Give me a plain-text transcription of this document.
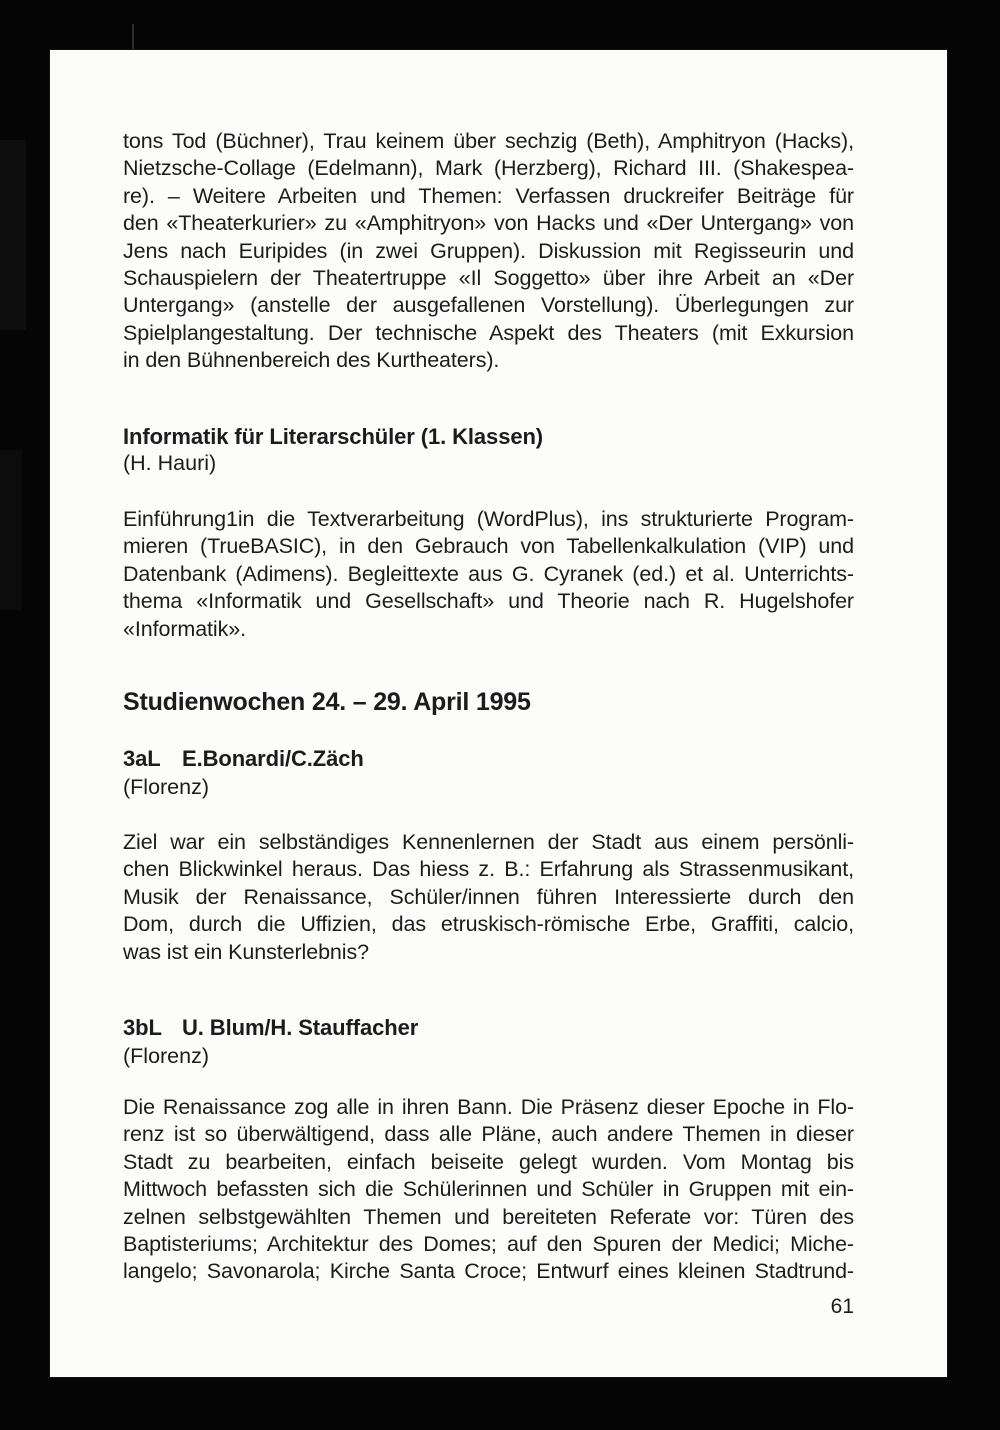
tons Tod (Büchner), Trau keinem über sechzig (Beth), Amphitryon (Hacks),
Nietzsche-Collage (Edelmann), Mark (Herzberg), Richard III. (Shakespea-
re). – Weitere Arbeiten und Themen: Verfassen druckreifer Beiträge für
den «Theaterkurier» zu «Amphitryon» von Hacks und «Der Untergang» von
Jens nach Euripides (in zwei Gruppen). Diskussion mit Regisseurin und
Schauspielern der Theatertruppe «Il Soggetto» über ihre Arbeit an «Der
Untergang» (anstelle der ausgefallenen Vorstellung). Überlegungen zur
Spielplangestaltung. Der technische Aspekt des Theaters (mit Exkursion
in den Bühnenbereich des Kurtheaters).
Informatik für Literarschüler (1. Klassen)
(H. Hauri)
Einführung1in die Textverarbeitung (WordPlus), ins strukturierte Program-
mieren (TrueBASIC), in den Gebrauch von Tabellenkalkulation (VIP) und
Datenbank (Adimens). Begleittexte aus G. Cyranek (ed.) et al. Unterrichts-
thema «Informatik und Gesellschaft» und Theorie nach R. Hugelshofer
«Informatik».
Studienwochen 24. – 29. April 1995
3aL E.Bonardi/C.Zäch
(Florenz)
Ziel war ein selbständiges Kennenlernen der Stadt aus einem persönli-
chen Blickwinkel heraus. Das hiess z. B.: Erfahrung als Strassenmusikant,
Musik der Renaissance, Schüler/innen führen Interessierte durch den
Dom, durch die Uffizien, das etruskisch-römische Erbe, Graffiti, calcio,
was ist ein Kunsterlebnis?
3bL U. Blum/H. Stauffacher
(Florenz)
Die Renaissance zog alle in ihren Bann. Die Präsenz dieser Epoche in Flo-
renz ist so überwältigend, dass alle Pläne, auch andere Themen in dieser
Stadt zu bearbeiten, einfach beiseite gelegt wurden. Vom Montag bis
Mittwoch befassten sich die Schülerinnen und Schüler in Gruppen mit ein-
zelnen selbstgewählten Themen und bereiteten Referate vor: Türen des
Baptisteriums; Architektur des Domes; auf den Spuren der Medici; Miche-
langelo; Savonarola; Kirche Santa Croce; Entwurf eines kleinen Stadtrund-
61
